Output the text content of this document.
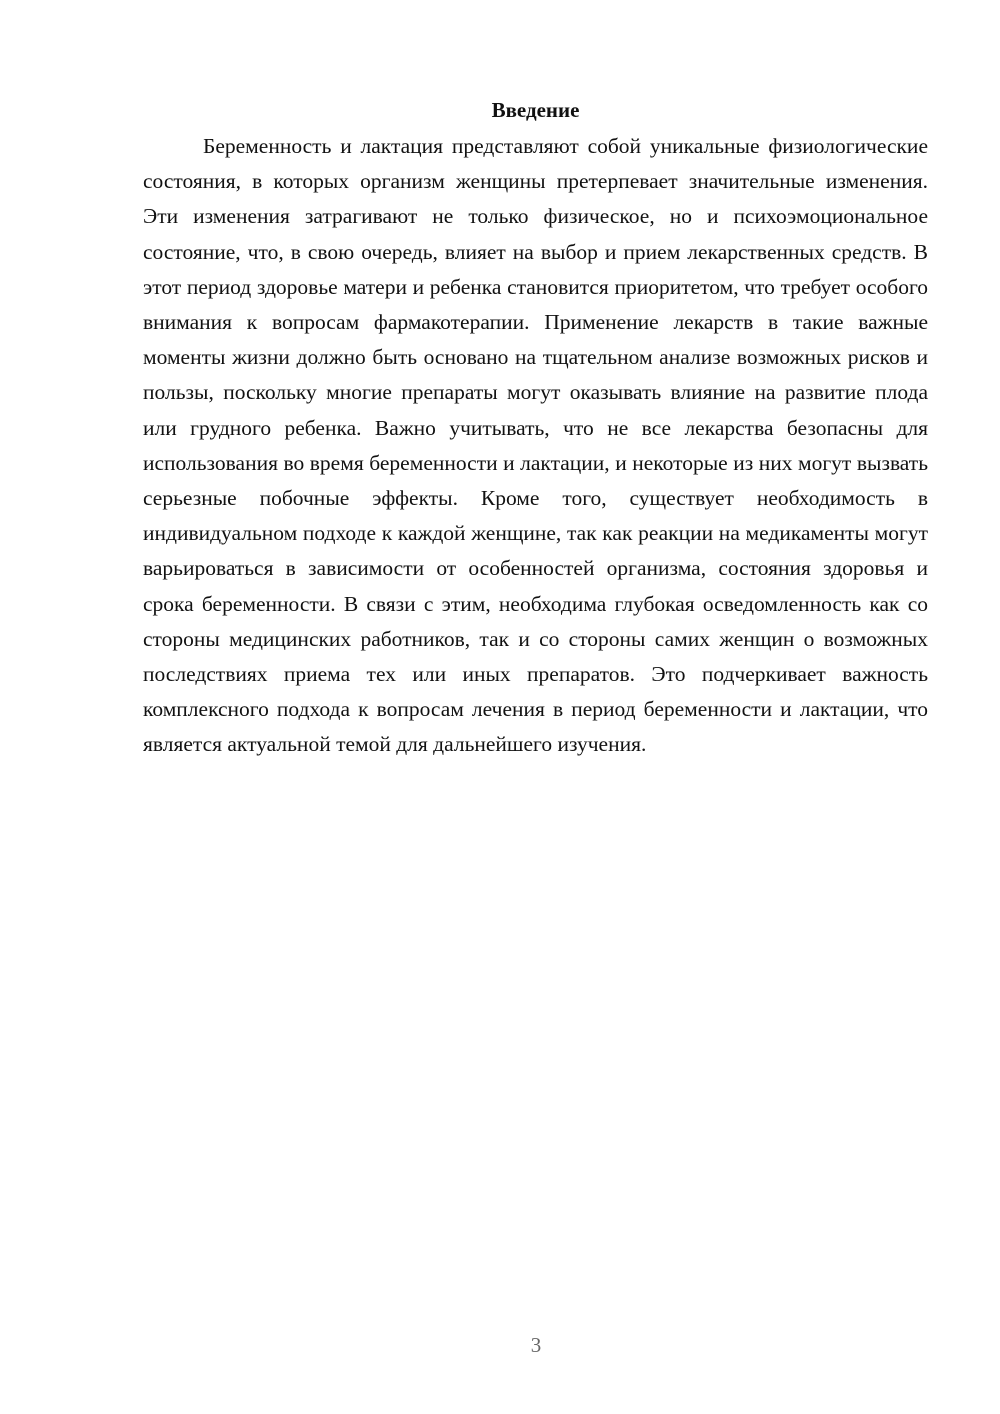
Введение

Беременность и лактация представляют собой уникальные физиологические состояния, в которых организм женщины претерпевает значительные изменения. Эти изменения затрагивают не только физическое, но и психоэмоциональное состояние, что, в свою очередь, влияет на выбор и прием лекарственных средств. В этот период здоровье матери и ребенка становится приоритетом, что требует особого внимания к вопросам фармакотерапии. Применение лекарств в такие важные моменты жизни должно быть основано на тщательном анализе возможных рисков и пользы, поскольку многие препараты могут оказывать влияние на развитие плода или грудного ребенка. Важно учитывать, что не все лекарства безопасны для использования во время беременности и лактации, и некоторые из них могут вызвать серьезные побочные эффекты. Кроме того, существует необходимость в индивидуальном подходе к каждой женщине, так как реакции на медикаменты могут варьироваться в зависимости от особенностей организма, состояния здоровья и срока беременности. В связи с этим, необходима глубокая осведомленность как со стороны медицинских работников, так и со стороны самих женщин о возможных последствиях приема тех или иных препаратов. Это подчеркивает важность комплексного подхода к вопросам лечения в период беременности и лактации, что является актуальной темой для дальнейшего изучения.

3
